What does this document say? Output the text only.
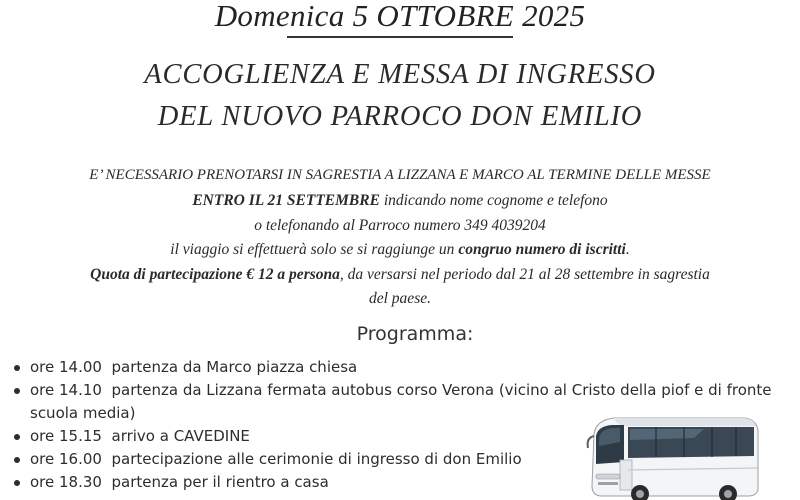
Domenica 5 OTTOBRE 2025
ACCOGLIENZA E MESSA DI INGRESSO
DEL NUOVO PARROCO DON EMILIO
E’ NECESSARIO PRENOTARSI IN SAGRESTIA A LIZZANA E MARCO AL TERMINE DELLE MESSE
ENTRO IL 21 SETTEMBRE indicando nome cognome e telefono
o telefonando al Parroco numero 349 4039204
il viaggio si effettuerà solo se si raggiunge un congruo numero di iscritti.
Quota di partecipazione € 12 a persona, da versarsi nel periodo dal 21 al 28 settembre in sagrestia
del paese.
Programma:
ore 14.00 partenza da Marco piazza chiesa
ore 14.10 partenza da Lizzana fermata autobus corso Verona (vicino al Cristo della piof e di fronte scuola media)
ore 15.15 arrivo a CAVEDINE
ore 16.00 partecipazione alle cerimonie di ingresso di don Emilio
ore 18.30 partenza per il rientro a casa
